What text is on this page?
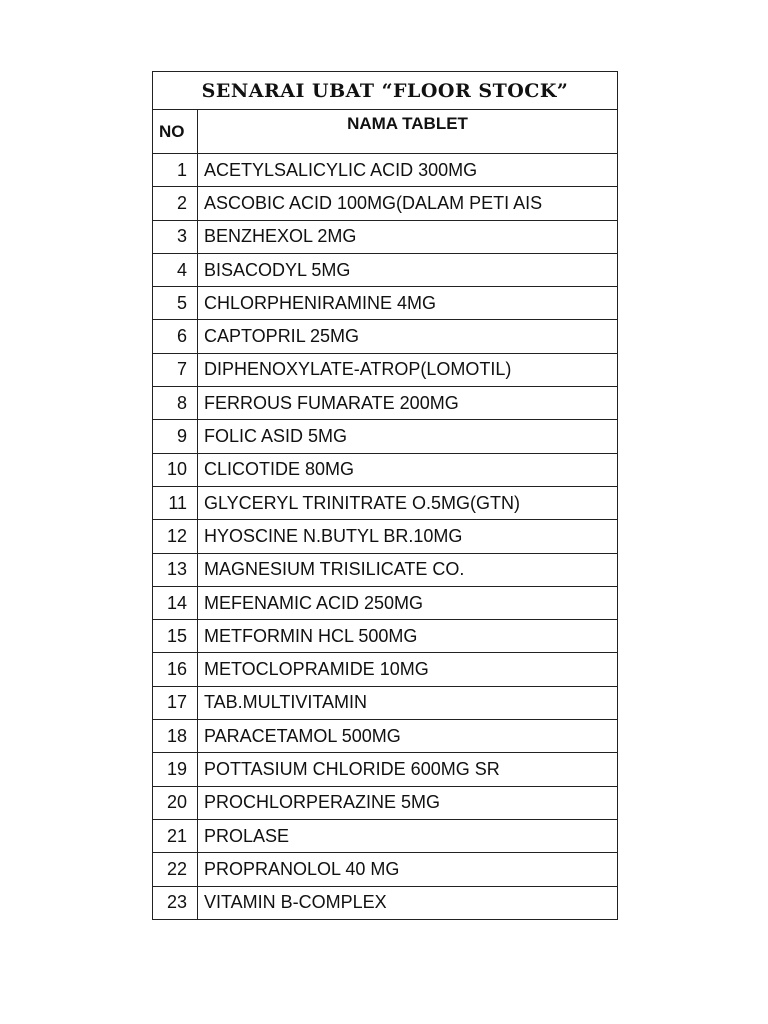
SENARAI UBAT “FLOOR STOCK”	
NO	NAMA TABLET
1	ACETYLSALICYLIC ACID 300MG
2	ASCOBIC ACID 100MG(DALAM PETI AIS
3	BENZHEXOL 2MG
4	BISACODYL 5MG
5	CHLORPHENIRAMINE 4MG
6	CAPTOPRIL 25MG
7	DIPHENOXYLATE-ATROP(LOMOTIL)
8	FERROUS FUMARATE 200MG
9	FOLIC ASID 5MG
10	CLICOTIDE 80MG
11	GLYCERYL TRINITRATE O.5MG(GTN)
12	HYOSCINE N.BUTYL BR.10MG
13	MAGNESIUM TRISILICATE CO.
14	MEFENAMIC ACID 250MG
15	METFORMIN HCL 500MG
16	METOCLOPRAMIDE 10MG
17	TAB.MULTIVITAMIN
18	PARACETAMOL 500MG
19	POTTASIUM CHLORIDE 600MG SR
20	PROCHLORPERAZINE 5MG
21	PROLASE
22	PROPRANOLOL 40 MG
23	VITAMIN B-COMPLEX
